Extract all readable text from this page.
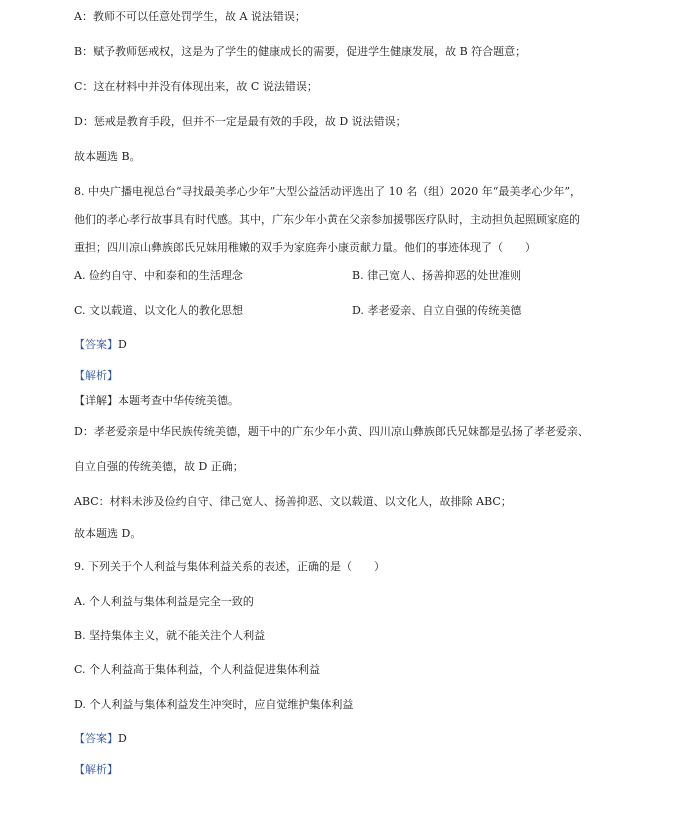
A：教师不可以任意处罚学生，故 A 说法错误；
B：赋予教师惩戒权，这是为了学生的健康成长的需要，促进学生健康发展，故 B 符合题意；
C：这在材料中并没有体现出来，故 C 说法错误；
D：惩戒是教育手段，但并不一定是最有效的手段，故 D 说法错误；
故本题选 B。
8. 中央广播电视总台“寻找最美孝心少年”大型公益活动评选出了 10 名（组）2020 年“最美孝心少年”，
他们的孝心孝行故事具有时代感。其中，广东少年小黄在父亲参加援鄂医疗队时，主动担负起照顾家庭的
重担；四川凉山彝族郎氏兄妹用稚嫩的双手为家庭奔小康贡献力量。他们的事迹体现了（　　）
A. 俭约自守、中和泰和的生活理念	B. 律己宽人、扬善抑恶的处世准则
C. 文以载道、以文化人的教化思想	D. 孝老爱亲、自立自强的传统美德
【答案】D
【解析】
【详解】本题考查中华传统美德。
D：孝老爱亲是中华民族传统美德，题干中的广东少年小黄、四川凉山彝族郎氏兄妹都是弘扬了孝老爱亲、
自立自强的传统美德，故 D 正确；
ABC：材料未涉及俭约自守、律己宽人、扬善抑恶、文以载道、以文化人，故排除 ABC；
故本题选 D。
9. 下列关于个人利益与集体利益关系的表述，正确的是（　　）
A. 个人利益与集体利益是完全一致的
B. 坚持集体主义，就不能关注个人利益
C. 个人利益高于集体利益，个人利益促进集体利益
D. 个人利益与集体利益发生冲突时，应自觉维护集体利益
【答案】D
【解析】
